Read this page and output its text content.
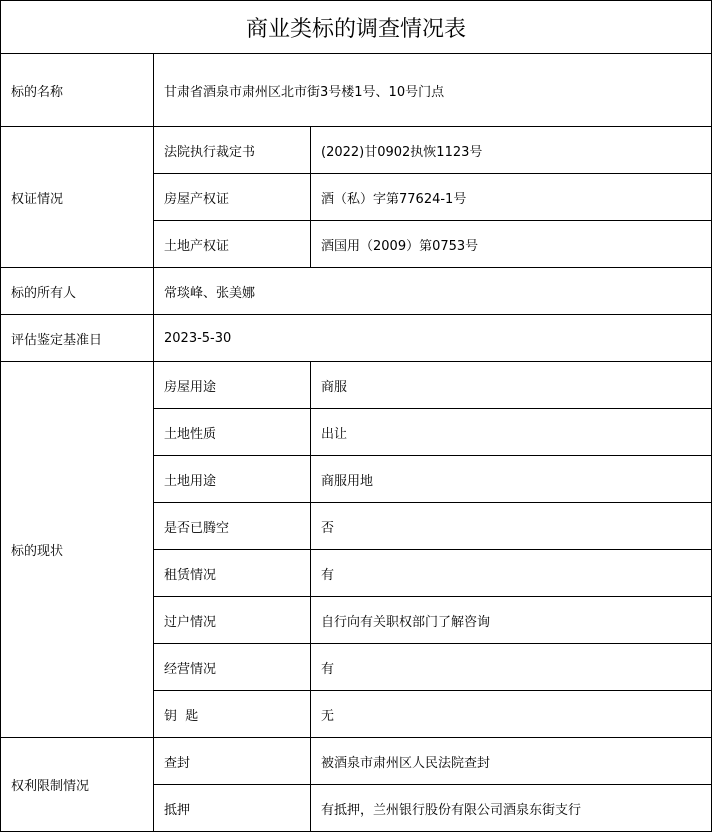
商业类标的调查情况表		
标的名称	甘肃省酒泉市肃州区北市街3号楼1号、10号门点	
权证情况	法院执行裁定书	(2022)甘0902执恢1123号
	房屋产权证	酒（私）字第77624-1号
	土地产权证	酒国用（2009）第0753号
标的所有人	常琰峰、张美娜	
评估鉴定基准日	2023-5-30	
标的现状	房屋用途	商服
	土地性质	出让
	土地用途	商服用地
	是否已腾空	否
	租赁情况	有
	过户情况	自行向有关职权部门了解咨询
	经营情况	有
	钥  匙	无
权利限制情况	查封	被酒泉市肃州区人民法院查封
	抵押	有抵押，兰州银行股份有限公司酒泉东街支行
